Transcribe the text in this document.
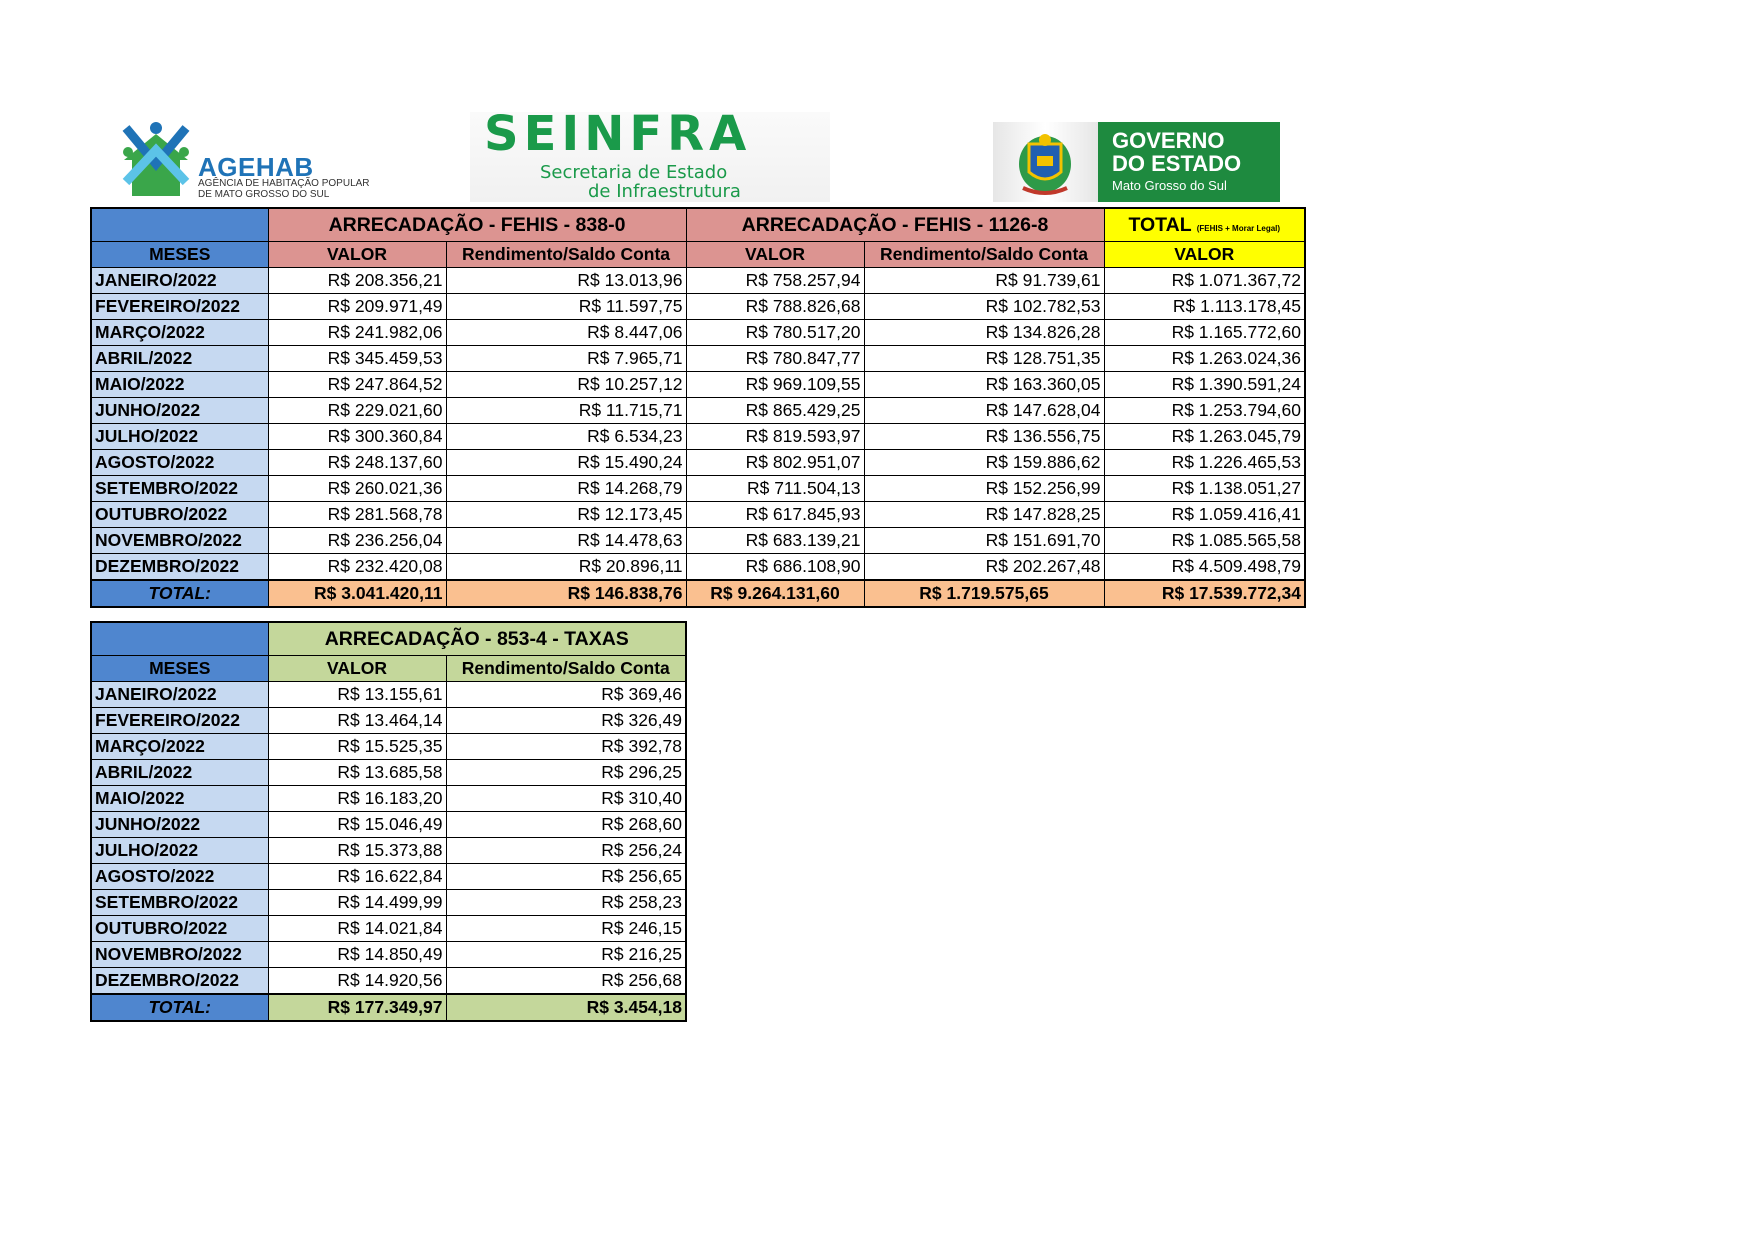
AGEHAB
AGÊNCIA DE HABITAÇÃO POPULAR
DE MATO GROSSO DO SUL
SEINFRA
Secretaria de Estado
de Infraestrutura
GOVERNO
DO ESTADO
Mato Grosso do Sul
	ARRECADAÇÃO - FEHIS - 838-0		ARRECADAÇÃO - FEHIS - 1126-8		TOTAL (FEHIS + Morar Legal)
MESES	VALOR	Rendimento/Saldo Conta	VALOR	Rendimento/Saldo Conta	VALOR
JANEIRO/2022	R$ 208.356,21	R$ 13.013,96	R$ 758.257,94	R$ 91.739,61	R$ 1.071.367,72
FEVEREIRO/2022	R$ 209.971,49	R$ 11.597,75	R$ 788.826,68	R$ 102.782,53	R$ 1.113.178,45
MARÇO/2022	R$ 241.982,06	R$ 8.447,06	R$ 780.517,20	R$ 134.826,28	R$ 1.165.772,60
ABRIL/2022	R$ 345.459,53	R$ 7.965,71	R$ 780.847,77	R$ 128.751,35	R$ 1.263.024,36
MAIO/2022	R$ 247.864,52	R$ 10.257,12	R$ 969.109,55	R$ 163.360,05	R$ 1.390.591,24
JUNHO/2022	R$ 229.021,60	R$ 11.715,71	R$ 865.429,25	R$ 147.628,04	R$ 1.253.794,60
JULHO/2022	R$ 300.360,84	R$ 6.534,23	R$ 819.593,97	R$ 136.556,75	R$ 1.263.045,79
AGOSTO/2022	R$ 248.137,60	R$ 15.490,24	R$ 802.951,07	R$ 159.886,62	R$ 1.226.465,53
SETEMBRO/2022	R$ 260.021,36	R$ 14.268,79	R$ 711.504,13	R$ 152.256,99	R$ 1.138.051,27
OUTUBRO/2022	R$ 281.568,78	R$ 12.173,45	R$ 617.845,93	R$ 147.828,25	R$ 1.059.416,41
NOVEMBRO/2022	R$ 236.256,04	R$ 14.478,63	R$ 683.139,21	R$ 151.691,70	R$ 1.085.565,58
DEZEMBRO/2022	R$ 232.420,08	R$ 20.896,11	R$ 686.108,90	R$ 202.267,48	R$ 4.509.498,79
TOTAL:	R$ 3.041.420,11	R$ 146.838,76	R$ 9.264.131,60	R$ 1.719.575,65	R$ 17.539.772,34
	ARRECADAÇÃO - 853-4 - TAXAS	
MESES	VALOR	Rendimento/Saldo Conta
JANEIRO/2022	R$ 13.155,61	R$ 369,46
FEVEREIRO/2022	R$ 13.464,14	R$ 326,49
MARÇO/2022	R$ 15.525,35	R$ 392,78
ABRIL/2022	R$ 13.685,58	R$ 296,25
MAIO/2022	R$ 16.183,20	R$ 310,40
JUNHO/2022	R$ 15.046,49	R$ 268,60
JULHO/2022	R$ 15.373,88	R$ 256,24
AGOSTO/2022	R$ 16.622,84	R$ 256,65
SETEMBRO/2022	R$ 14.499,99	R$ 258,23
OUTUBRO/2022	R$ 14.021,84	R$ 246,15
NOVEMBRO/2022	R$ 14.850,49	R$ 216,25
DEZEMBRO/2022	R$ 14.920,56	R$ 256,68
TOTAL:	R$ 177.349,97	R$ 3.454,18
